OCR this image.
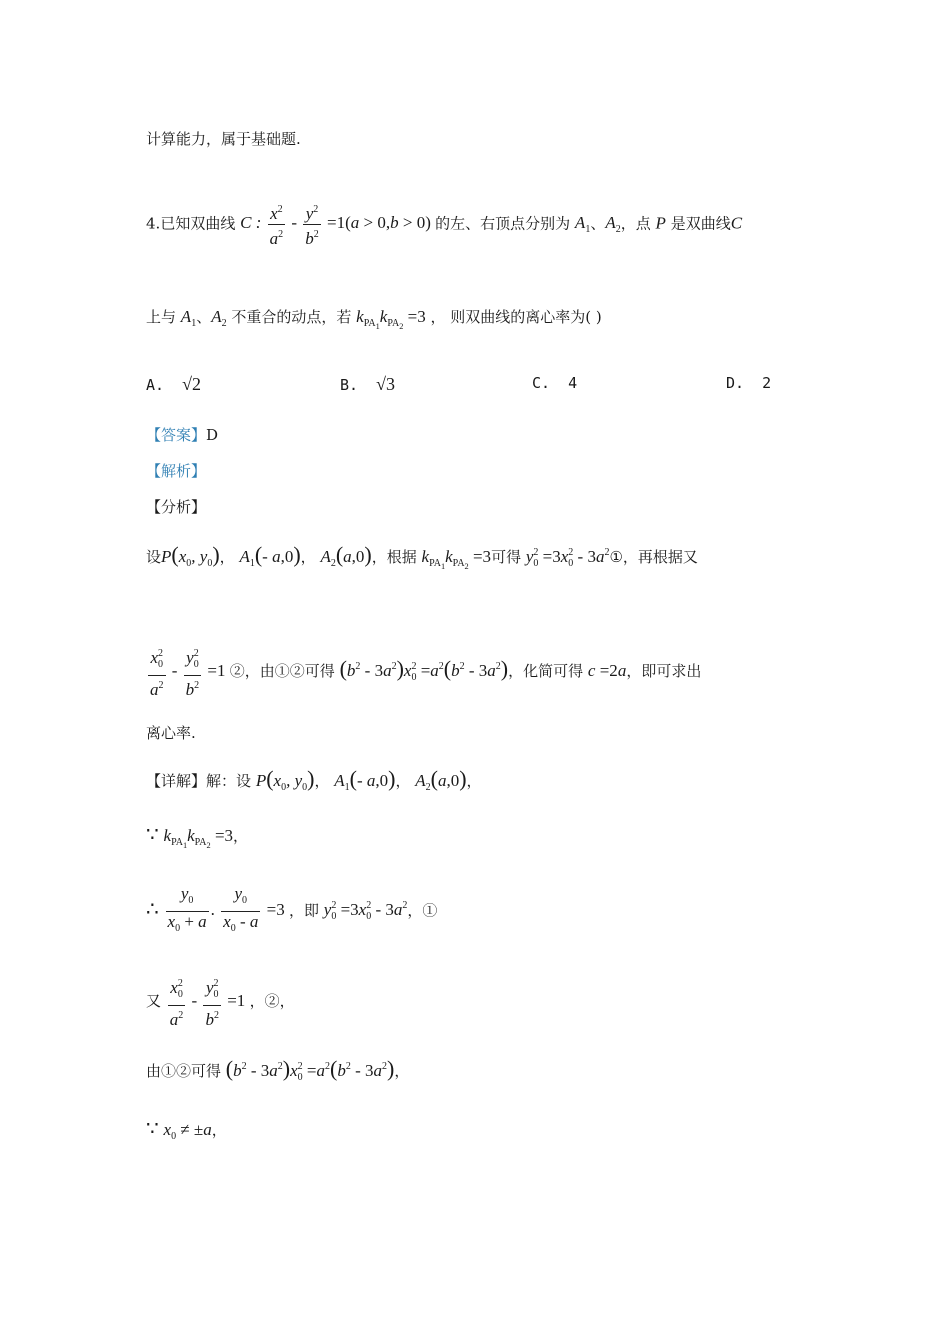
计算能力，属于基础题.
4.已知双曲线 C : $\frac{x^2}{a^2} - \frac{y^2}{b^2} =1(a > 0,b > 0)$ 的左、右顶点分别为 $A_1$、$A_2$，点 P 是双曲线C
上与 $A_1$、$A_2$ 不重合的动点，若 $k_{PA_1}k_{PA_2} =3$ ， 则双曲线的离心率为( )
A. √2	B. √3	C. 4	D. 2
【答案】D
【解析】
【分析】
设$P(x_0$, $y_0$)， $A_1(-$ a,0)， $A_2(a,0)$，根据 $k_{PA_1}k_{PA_2} =3$可得 $y_0^2 =3x_0^2$ - $3a^2①$，再根据又
$\frac{x_0^2}{a^2} - \frac{y_0^2}{b^2} =1$ ②，由①②可得 $(b^2 - 3a^2)x_0^2 =a^2(b^2 - 3a^2)$，化简可得 c =2a，即可求出
离心率.
【详解】解：设 $P(x_0$, $y_0$)， $A_1(-$ a,0)， $A_2(a,0)$，
∵ $k_{PA_1}k_{PA_2} =3$，
∴ $\frac{y_0}{x_0 + a}$ . $\frac{y_0}{x_0 - a} =3$ ，即 $y_0^2 =3x_0^2 - 3a^2$，①
又 $\frac{x_0^2}{a^2} - \frac{y_0^2}{b^2} =1$ ，②，
由①②可得 $(b^2 - 3a^2)x_0^2 =a^2(b^2 - 3a^2)$，
∵ $x_0 \ne \pm a$，
